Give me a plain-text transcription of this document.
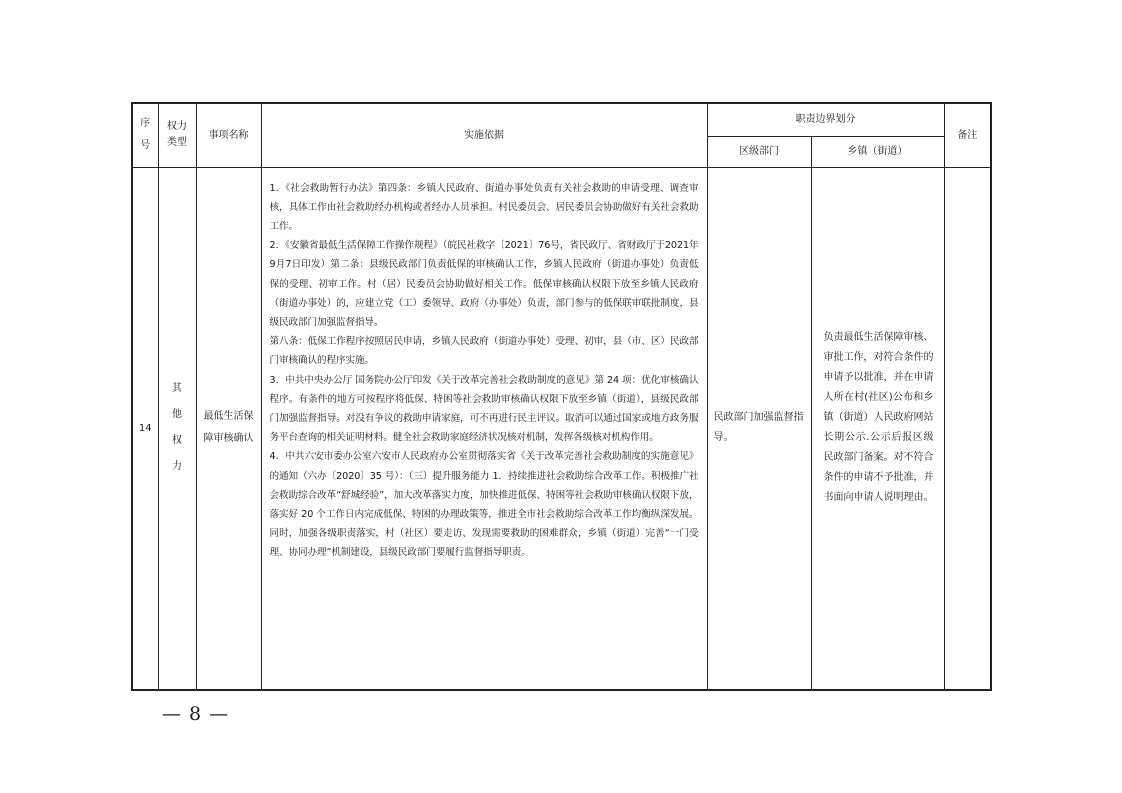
序号	权力类型	事项名称	实施依据	职责边界划分		备注
				区级部门	乡镇（街道）	
14	其他权力	最低生活保障审核确认	1．《社会救助暂行办法》第四条：乡镇人民政府、街道办事处负责有关社会救助的申请受理、调查审核，具体工作由社会救助经办机构或者经办人员承担。村民委员会、居民委员会协助做好有关社会救助工作。

2．《安徽省最低生活保障工作操作规程》（皖民社救字〔2021〕76号，省民政厅、省财政厅于2021年9月7日印发）第二条：县级民政部门负责低保的审核确认工作，乡镇人民政府（街道办事处）负责低保的受理、初审工作。村（居）民委员会协助做好相关工作。低保审核确认权限下放至乡镇人民政府（街道办事处）的，应建立党（工）委领导、政府（办事处）负责，部门参与的低保联审联批制度，县级民政部门加强监督指导。

第八条：低保工作程序按照居民申请，乡镇人民政府（街道办事处）受理、初审，县（市、区）民政部门审核确认的程序实施。

3．中共中央办公厅 国务院办公厅印发《关于改革完善社会救助制度的意见》第 24 项：优化审核确认程序。有条件的地方可按程序将低保、特困等社会救助审核确认权限下放至乡镇（街道），县级民政部门加强监督指导。对没有争议的救助申请家庭，可不再进行民主评议。取消可以通过国家或地方政务服务平台查询的相关证明材料。健全社会救助家庭经济状况核对机制，发挥各级核对机构作用。

4．中共六安市委办公室六安市人民政府办公室贯彻落实省《关于改革完善社会救助制度的实施意见》的通知（六办〔2020〕35 号）：（三）提升服务能力 1．持续推进社会救助综合改革工作。积极推广社会救助综合改革“舒城经验”，加大改革落实力度，加快推进低保、特困等社会救助审核确认权限下放，落实好 20 个工作日内完成低保、特困的办理政策等，推进全市社会救助综合改革工作均衡纵深发展。同时，加强各级职责落实，村（社区）要走访、发现需要救助的困难群众，乡镇（街道）完善“一门受理、协同办理”机制建设，县级民政部门要履行监督指导职责。	民政部门加强监督指导。	负责最低生活保障审核、审批工作，对符合条件的申请予以批准，并在申请人所在村(社区)公布和乡镇（街道）人民政府网站长期公示.公示后报区级民政部门备案。对不符合条件的申请不予批准，并书面向申请人说明理由。	
— 8 —
